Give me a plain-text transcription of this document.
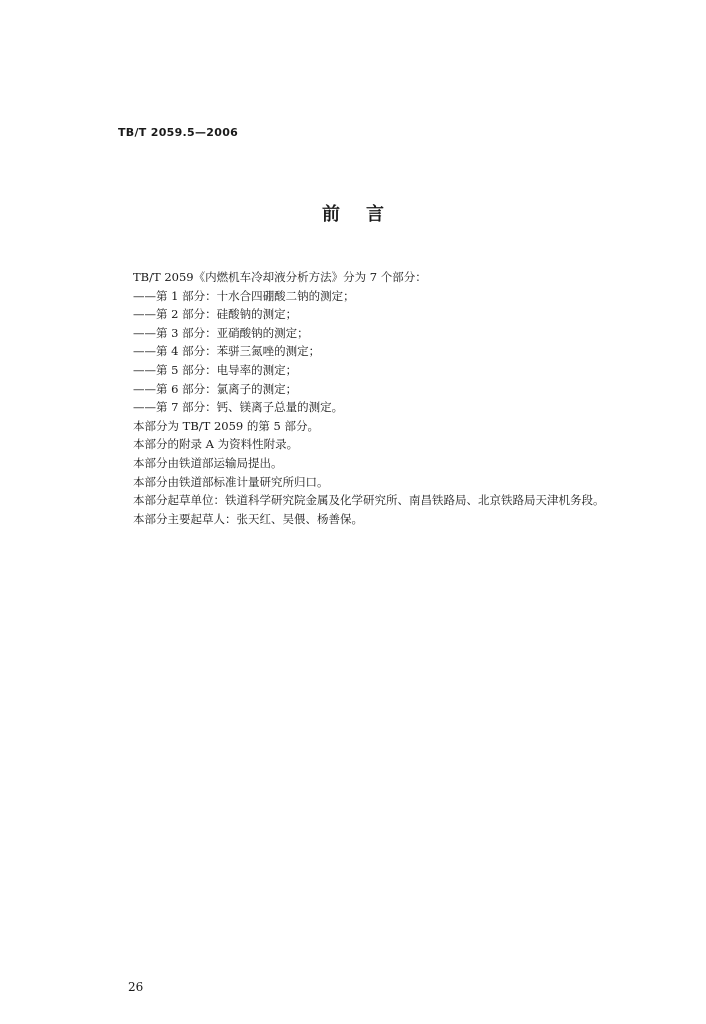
TB/T 2059.5—2006
前言
TB/T 2059《内燃机车冷却液分析方法》分为 7 个部分：
——第 1 部分：十水合四硼酸二钠的测定；
——第 2 部分：硅酸钠的测定；
——第 3 部分：亚硝酸钠的测定；
——第 4 部分：苯骈三氮唑的测定；
——第 5 部分：电导率的测定；
——第 6 部分：氯离子的测定；
——第 7 部分：钙、镁离子总量的测定。
本部分为 TB/T 2059 的第 5 部分。
本部分的附录 A 为资料性附录。
本部分由铁道部运输局提出。
本部分由铁道部标准计量研究所归口。
本部分起草单位：铁道科学研究院金属及化学研究所、南昌铁路局、北京铁路局天津机务段。
本部分主要起草人：张天红、吴偎、杨善保。
26
